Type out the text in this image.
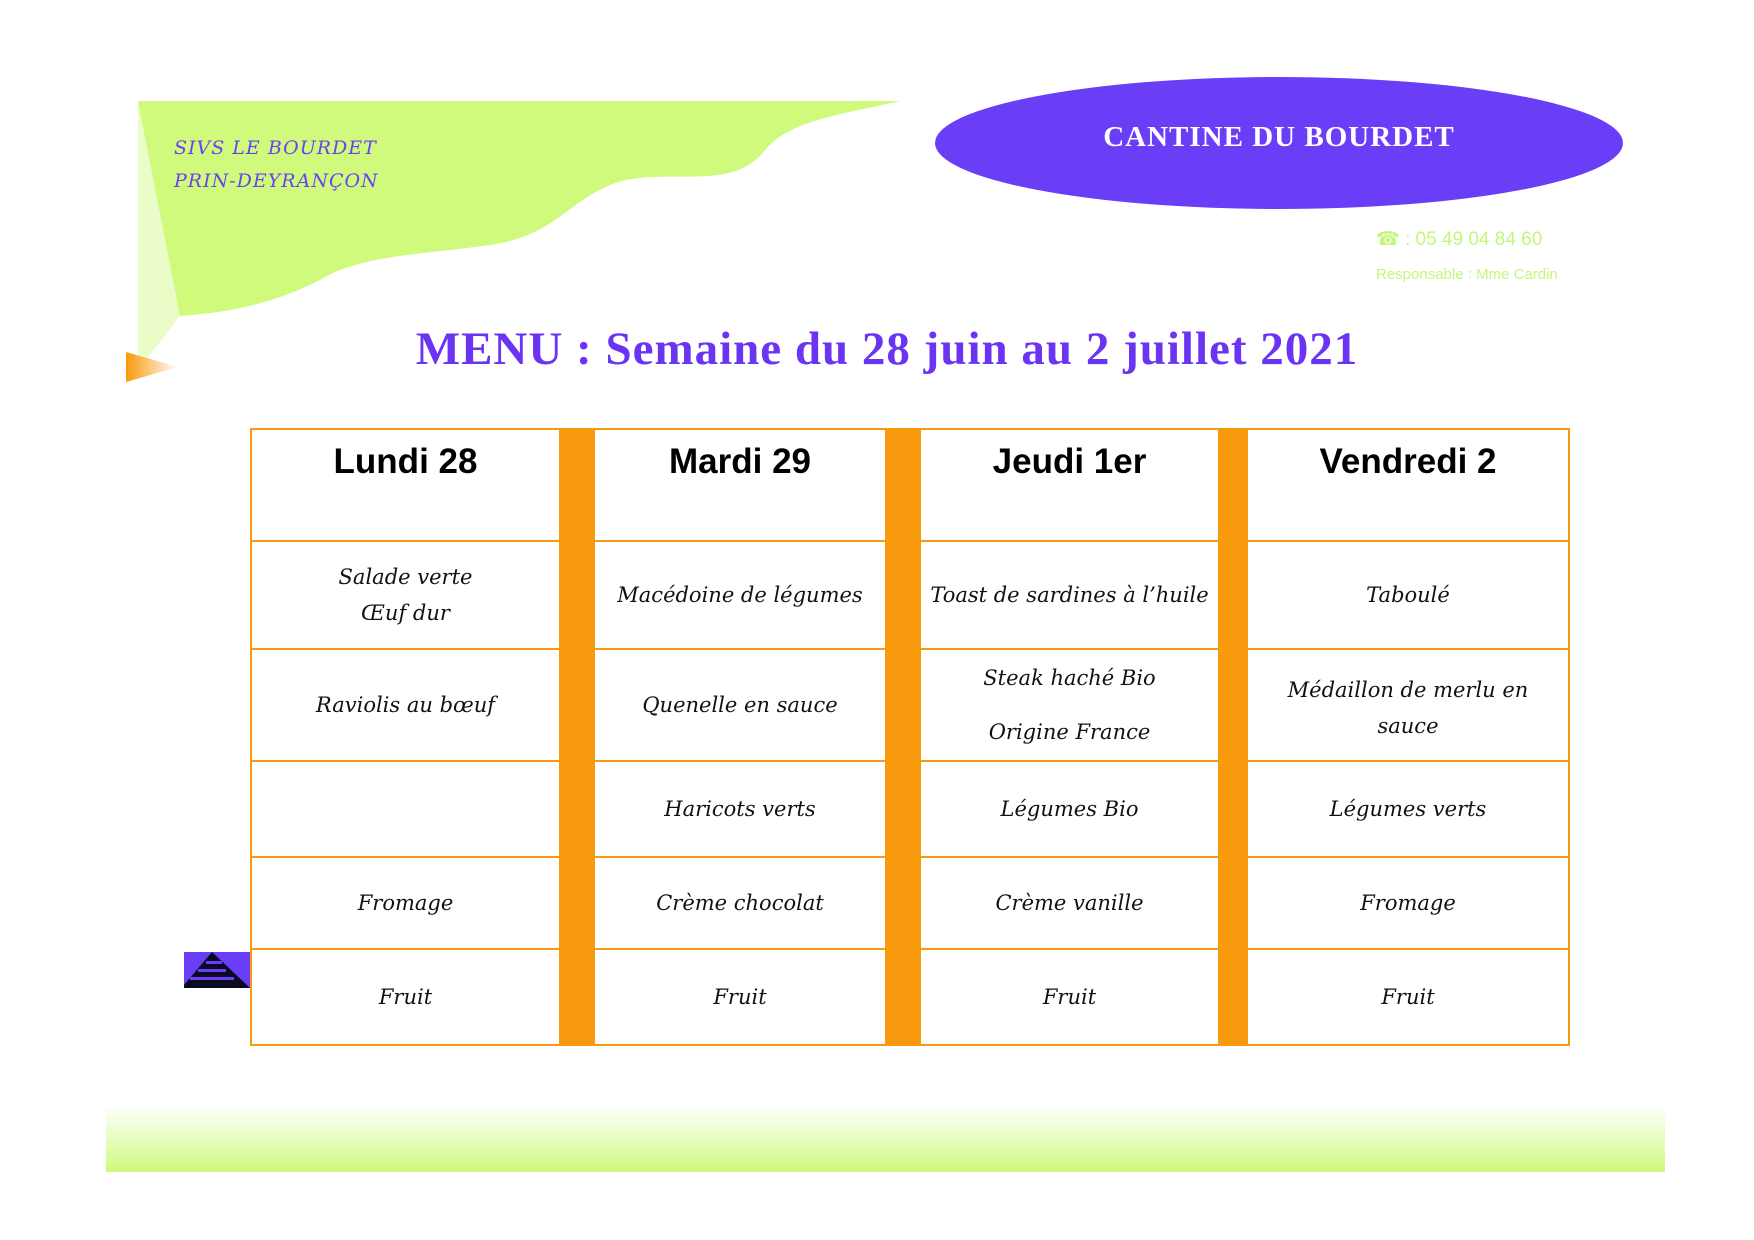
SIVS LE BOURDET
PRIN-DEYRANÇON
CANTINE DU BOURDET
☎ : 05 49 04 84 60
Responsable : Mme Cardin
MENU : Semaine du 28 juin au 2 juillet 2021
Lundi 28
Salade verte
Œuf dur
Raviolis au bœuf
Fromage
Fruit
Mardi 29
Macédoine de légumes
Quenelle en sauce
Haricots verts
Crème chocolat
Fruit
Jeudi 1er
Toast de sardines à l’huile
Steak haché Bio
Origine France
Légumes Bio
Crème vanille
Fruit
Vendredi 2
Taboulé
Médaillon de merlu en sauce
Légumes verts
Fromage
Fruit
